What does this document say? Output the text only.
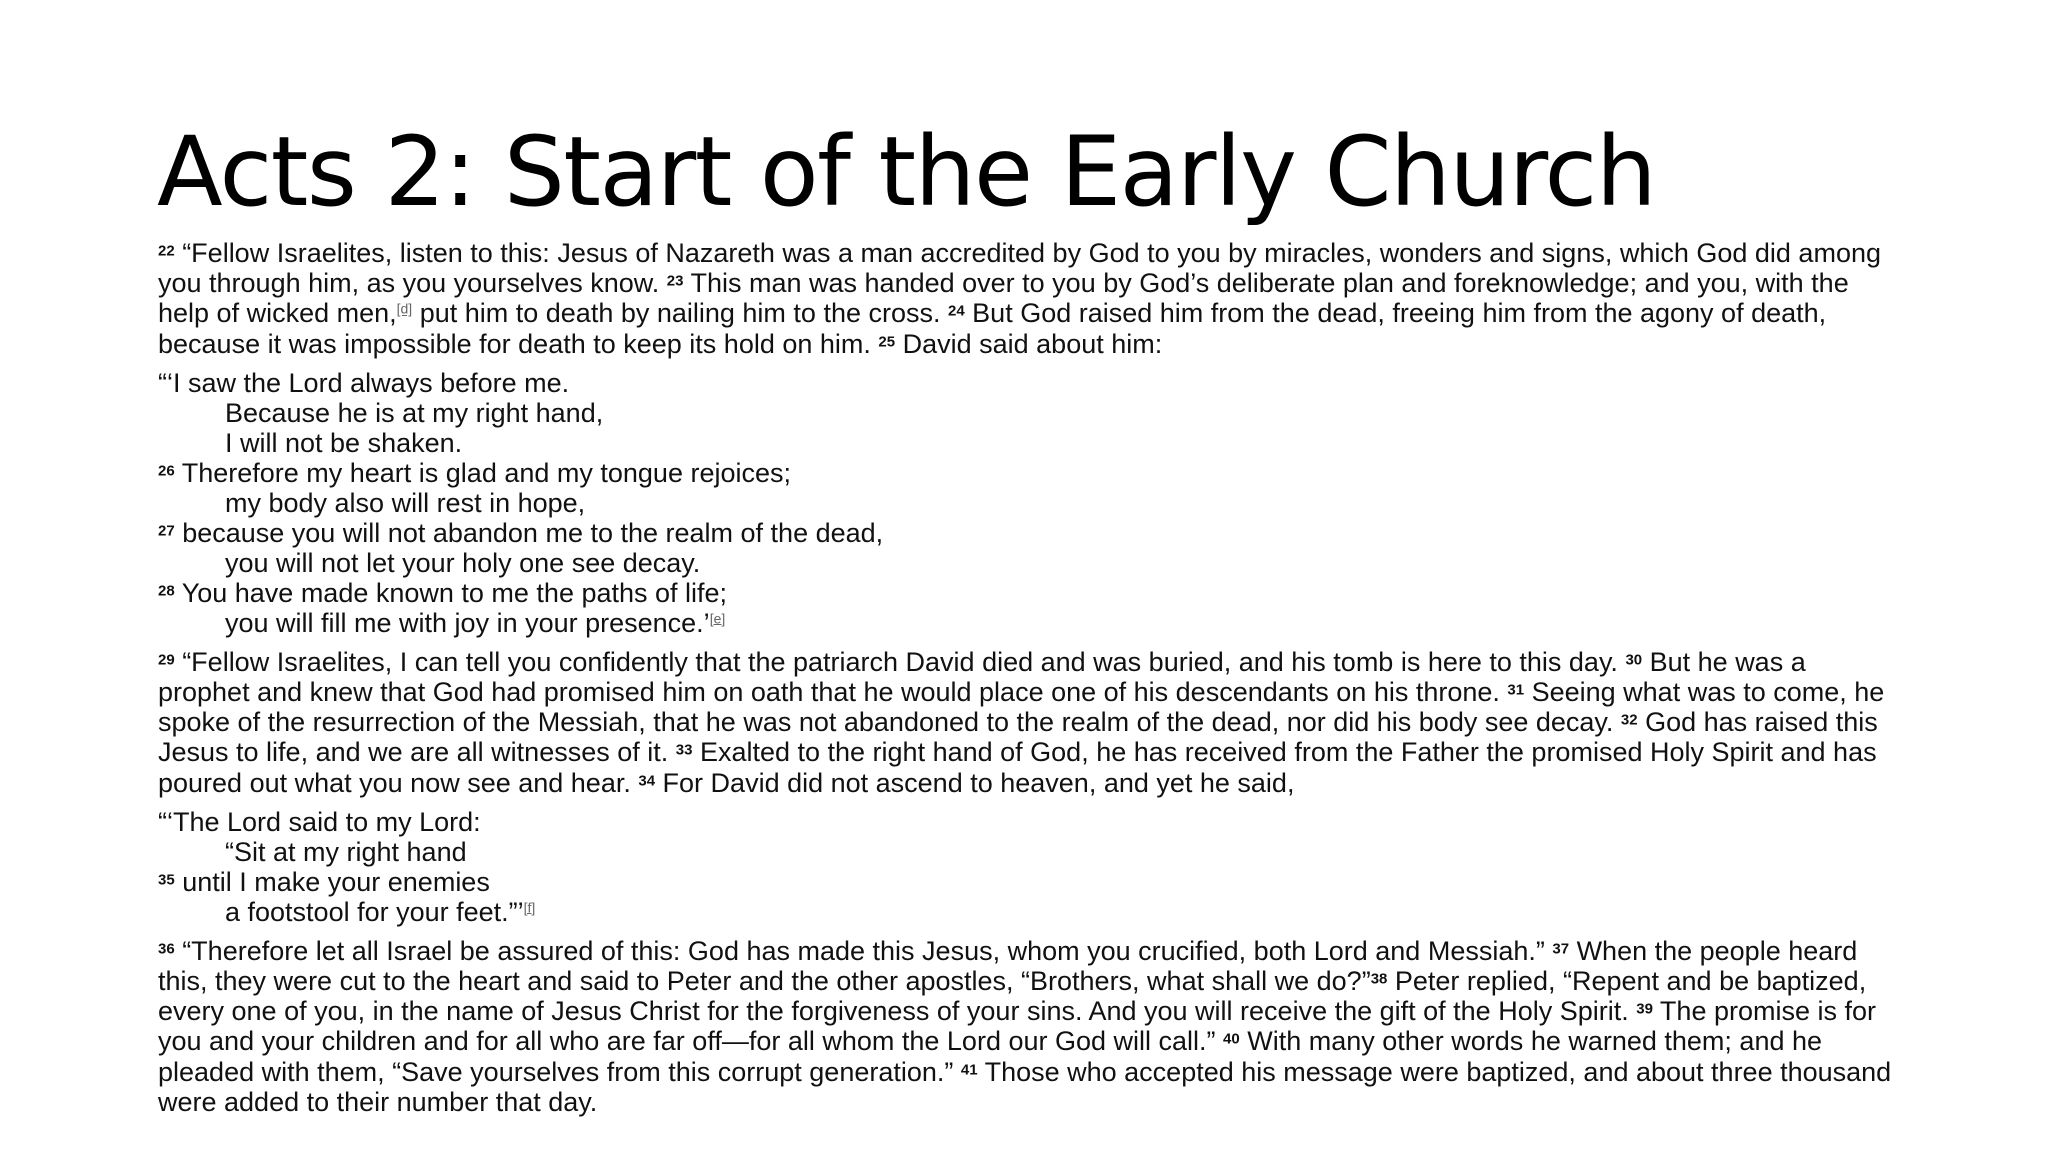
Acts 2: Start of the Early Church

$^{22}$ “Fellow Israelites, listen to this: Jesus of Nazareth was a man accredited by God to you by miracles, wonders and signs, which God did among you through him, as you yourselves know. $^{23}$ This man was handed over to you by God’s deliberate plan and foreknowledge; and you, with the help of wicked men,[d] put him to death by nailing him to the cross. $^{24}$ But God raised him from the dead, freeing him from the agony of death, because it was impossible for death to keep its hold on him. $^{25}$ David said about him:

“‘I saw the Lord always before me.
Because he is at my right hand,
I will not be shaken.
$^{26}$ Therefore my heart is glad and my tongue rejoices;
my body also will rest in hope,
$^{27}$ because you will not abandon me to the realm of the dead,
you will not let your holy one see decay.
$^{28}$ You have made known to me the paths of life;
you will fill me with joy in your presence.’[e]

$^{29}$ “Fellow Israelites, I can tell you confidently that the patriarch David died and was buried, and his tomb is here to this day. $^{30}$ But he was a prophet and knew that God had promised him on oath that he would place one of his descendants on his throne. $^{31}$ Seeing what was to come, he spoke of the resurrection of the Messiah, that he was not abandoned to the realm of the dead, nor did his body see decay. $^{32}$ God has raised this Jesus to life, and we are all witnesses of it. $^{33}$ Exalted to the right hand of God, he has received from the Father the promised Holy Spirit and has poured out what you now see and hear. $^{34}$ For David did not ascend to heaven, and yet he said,

“‘The Lord said to my Lord:
“Sit at my right hand
$^{35}$ until I make your enemies
a footstool for your feet.”’[f]

$^{36}$ “Therefore let all Israel be assured of this: God has made this Jesus, whom you crucified, both Lord and Messiah.” $^{37}$ When the people heard this, they were cut to the heart and said to Peter and the other apostles, “Brothers, what shall we do?”$^{38}$ Peter replied, “Repent and be baptized, every one of you, in the name of Jesus Christ for the forgiveness of your sins. And you will receive the gift of the Holy Spirit. $^{39}$ The promise is for you and your children and for all who are far off—for all whom the Lord our God will call.” $^{40}$ With many other words he warned them; and he pleaded with them, “Save yourselves from this corrupt generation.” $^{41}$ Those who accepted his message were baptized, and about three thousand were added to their number that day.
